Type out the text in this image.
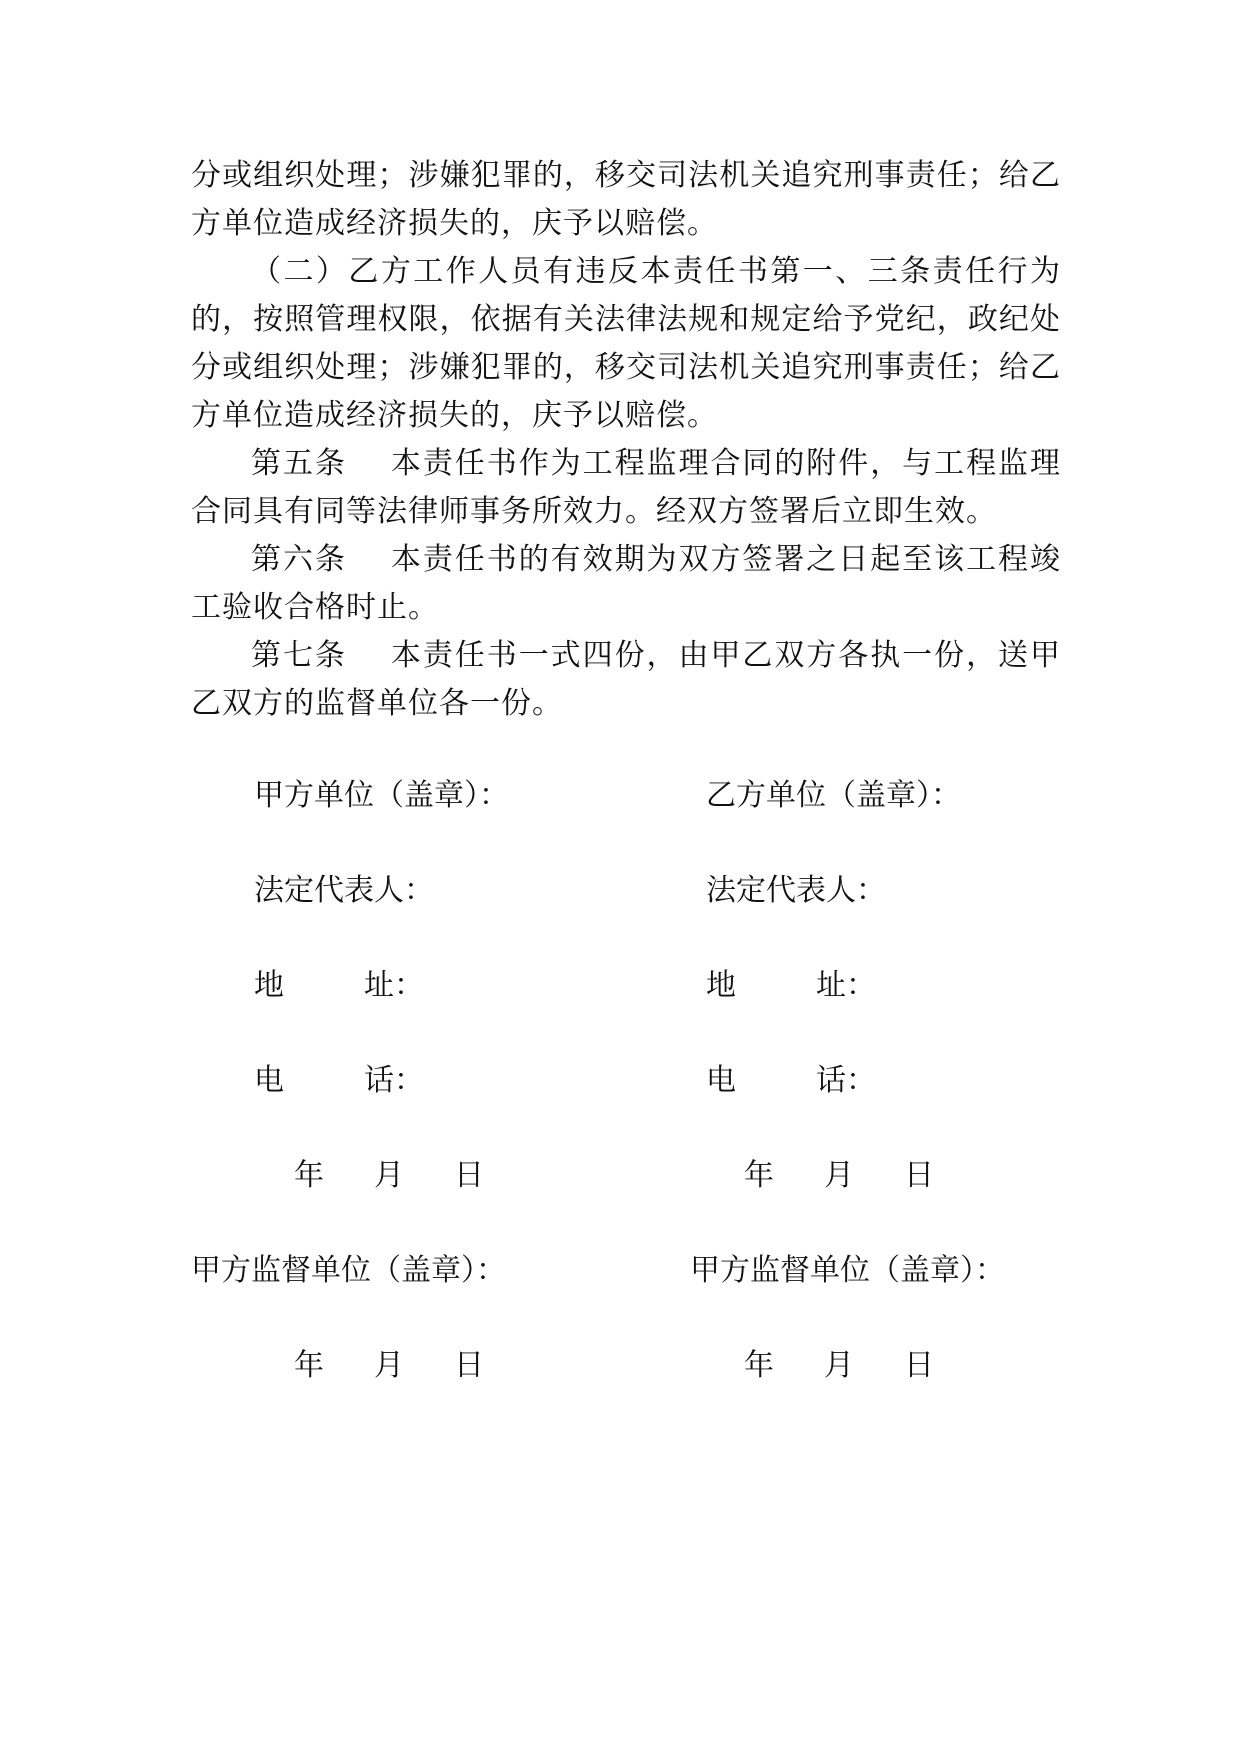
分或组织处理；涉嫌犯罪的，移交司法机关追究刑事责任；给乙方单位造成经济损失的，庆予以赔偿。

（二）乙方工作人员有违反本责任书第一、三条责任行为的，按照管理权限，依据有关法律法规和规定给予党纪，政纪处分或组织处理；涉嫌犯罪的，移交司法机关追究刑事责任；给乙方单位造成经济损失的，庆予以赔偿。

第五条 本责任书作为工程监理合同的附件，与工程监理合同具有同等法律师事务所效力。经双方签署后立即生效。

第六条 本责任书的有效期为双方签署之日起至该工程竣工验收合格时止。

第七条 本责任书一式四份，由甲乙双方各执一份，送甲乙双方的监督单位各一份。

甲方单位（盖章）：	乙方单位（盖章）：
法定代表人：	法定代表人：
地	址：	地	址：
电	话：	电	话：
年 月 日	年 月 日
甲方监督单位（盖章）：	甲方监督单位（盖章）：
年 月 日	年 月 日
